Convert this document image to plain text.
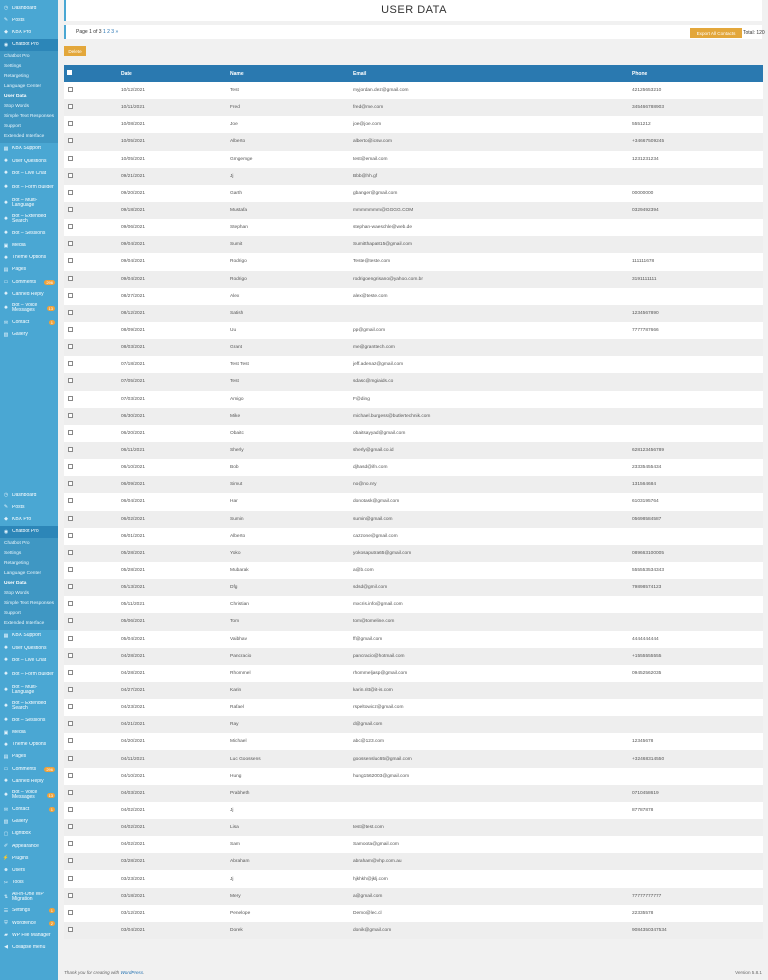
◷ Dashboard
✎ Posts
◆ KBX Pro
◉ Chatbot Pro
Chatbot Pro
Settings
Retargeting
Language Center
User Data
Stop Words
Simple Text Responses
Support
Extended Interface
▦ KBX Support
✹ User Questions
✹ Bot – Live Chat
✹ Bot – Form Builder
✹ Bot – Multi-Language
✹ Bot – Extended Search
✹ Bot – Sessions
▣ Media
✹ Theme Options
▤ Pages
▭ Comments	296
✹ Canned Reply
✹ Bot – Voice Messages	13
✉ Contact	1
▧ Gallery
◷ Dashboard
✎ Posts
◆ KBX Pro
◉ Chatbot Pro
Chatbot Pro
Settings
Retargeting
Language Center
User Data
Stop Words
Simple Text Responses
Support
Extended Interface
▦ KBX Support
✹ User Questions
✹ Bot – Live Chat
✹ Bot – Form Builder
✹ Bot – Multi-Language
✹ Bot – Extended Search
✹ Bot – Sessions
▣ Media
✹ Theme Options
▤ Pages
▭ Comments	296
✹ Canned Reply
✹ Bot – Voice Messages	13
✉ Contact	1
▧ Gallery
▢ Lightbox
✐ Appearance
⚡ Plugins
☻ Users
✂ Tools
⇅ All-in-One WP Migration
☰ Settings	1
⛨ Wordfence	2
▰ WP File Manager
◀ Collapse menu
USER DATA
Page 1 of 3 1 2 3 »	Export All Contacts	Total: 120
Delete
	Date	Name	Email	Phone
	10/12/2021	Test	myjordan.dez@gmail.com	42125653210
	10/11/2021	Fred	fred@me.com	345466788903
	10/08/2021	Joe	joe@joe.com	5551212
	10/05/2021	Alberto	alberto@icsw.com	+34667509245
	10/05/2021	Gmgemge	test@email.com	1231231234
	09/21/2021	Jj	Bbb@hh.gf	
	09/20/2021	Garth	gbanger@gmail.com	00000000
	09/18/2021	Mustafa	mmmmmmm@GGGG.COM	0329492394
	09/06/2021	Stephan	stephan-waeschle@web.de	
	09/04/2021	Sumit	Sumitthapa815@gmail.com	
	09/04/2021	Rodrigo	Teste@teste.com	111111678
	09/04/2021	Rodrigo	rodrigoengrisano@yahoo.com.br	3191111111
	08/27/2021	Alex	alex@teste.com	
	08/12/2021	Satish		1234567890
	08/09/2021	Uu	pp@gmail.com	7777787666
	08/03/2021	Grant	me@granttech.com	
	07/18/2021	Test Test	jeff.adenaz@gmail.com	
	07/05/2021	Test	sdasc@mgiaids.co	
	07/03/2021	Amigo	F@ding	
	06/30/2021	Mike	michael.burgess@butlertechnik.com	
	06/20/2021	Obaitc	obaitsayyad@gmail.com	
	06/11/2021	Sherly	sherly@gmail.co.id	628123456789
	06/10/2021	Bob	djhasd@ifn.com	23335455434
	06/09/2021	Simut	no@no.nry	131564684
	06/04/2021	Har	donotask@gmail.com	6103195764
	06/02/2021	Sumin	sumin@gmail.com	05698584587
	06/01/2021	Alberto	cazzone@gmail.com	
	05/28/2021	Yoko	yokosaputra65@gmail.com	089663100005
	05/28/2021	Mubarak	a@b.com	555553534343
	05/13/2021	Dfg	sdsd@gmil.com	79898574123
	05/11/2021	Christian	mxcris.info@gmail.com	
	05/06/2021	Tom	tom@tomeline.com	
	05/04/2021	Vaibhav	ff@gmail.com	4444444444
	04/28/2021	Pancracio	pancracio@hotmail.com	+1555555555
	04/28/2021	Rhommel	rhommeljasp@gmail.com	09452562035
	04/27/2021	Karin	karin.ritt@it-is.com	
	04/23/2021	Rafael	rspeltowicz@gmail.com	
	04/21/2021	Ray	d@gmail.com	
	04/20/2021	Michael	abc@123.com	12345678
	04/11/2021	Luc Goossens	goossensluc65@gmail.com	+32468314550
	04/10/2021	Hung	hung1562003@gmail.com	
	04/03/2021	Prabheth		0710458619
	04/02/2021	Jj		87787878
	04/02/2021	Lisa	test@test.com	
	04/02/2021	Sam	Samoota@gmail.com	
	03/28/2021	Abraham	abraham@vhp.com.au	
	03/23/2021	Jj	hjkhkh@jklj.com	
	03/18/2021	Mery	a@gmail.com	77777777777
	03/12/2021	Penelope	Demo@lec.cl	22335578
	03/04/2021	Dorek	donik@gmail.com	9084350347534
Thank you for creating with WordPress.	Version 5.8.1
